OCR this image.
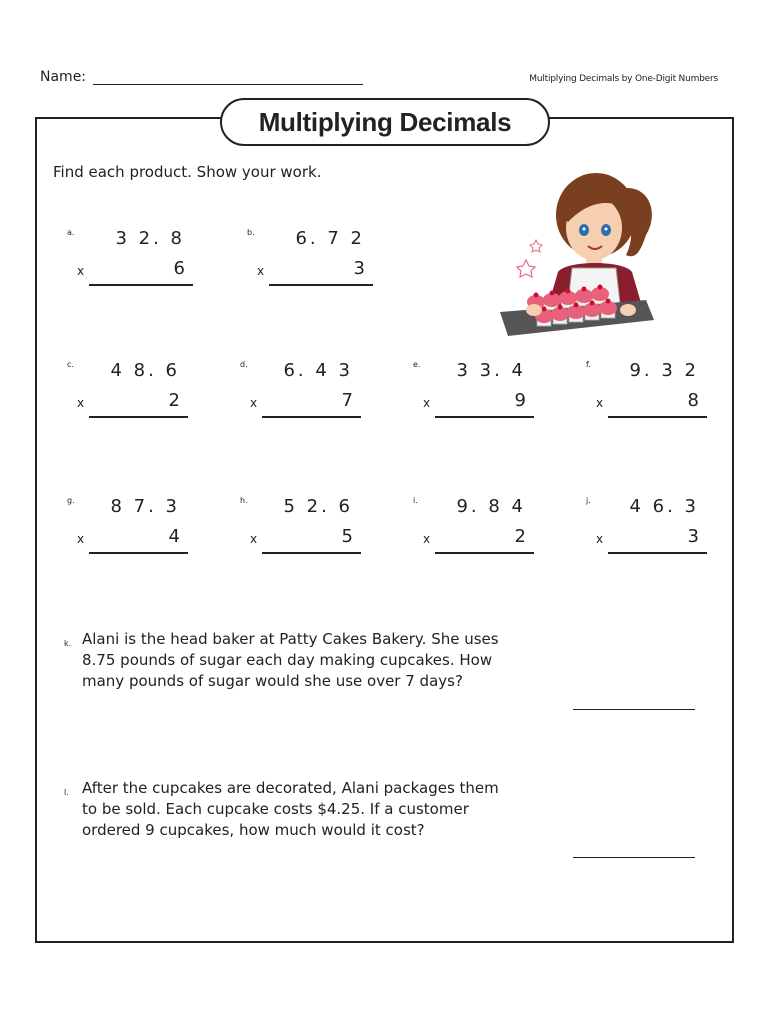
Name:	Multiplying Decimals by One-Digit Numbers
Multiplying Decimals
Find each product. Show your work.
a. 3 2. 8
x	6
b. 6. 7 2
x	3
c. 4 8. 6
x	2
d. 6. 4 3
x	7
e. 3 3. 4
x	9
f. 9. 3 2
x	8
g. 8 7. 3
x	4
h. 5 2. 6
x	5
i. 9. 8 4
x	2
j. 4 6. 3
x	3
k. Alani is the head baker at Patty Cakes Bakery. She uses 8.75 pounds of sugar each day making cupcakes. How many pounds of sugar would she use over 7 days?
l. After the cupcakes are decorated, Alani packages them to be sold. Each cupcake costs $4.25. If a customer ordered 9 cupcakes, how much would it cost?
